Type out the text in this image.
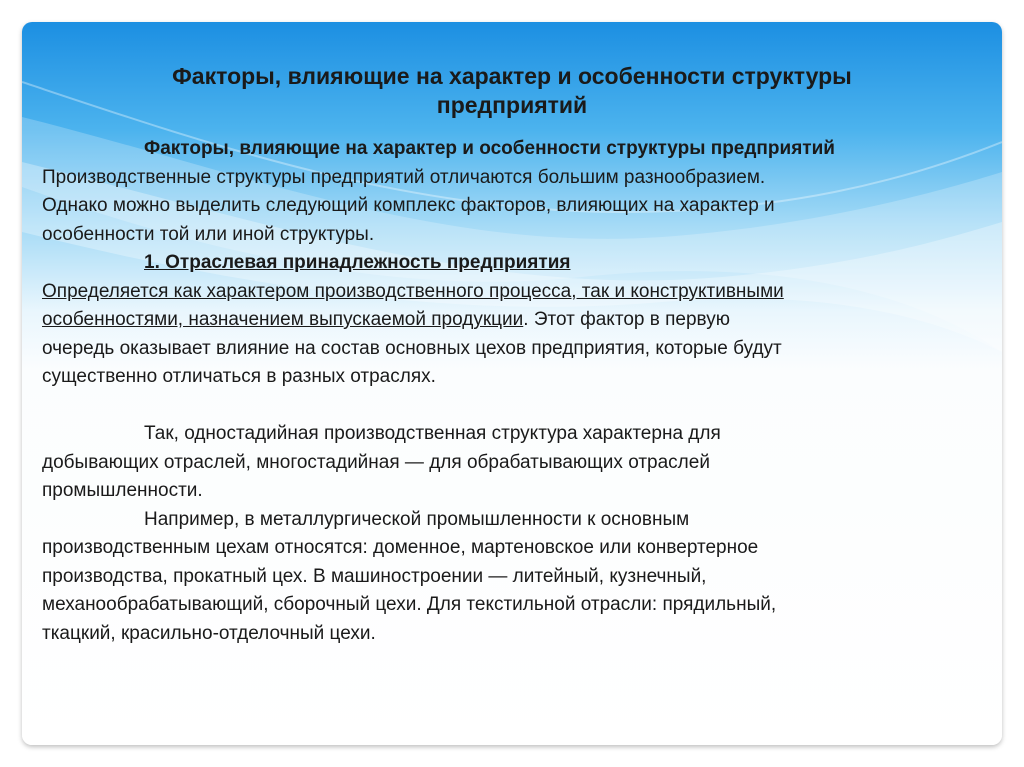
Факторы, влияющие на характер и особенности структуры
предприятий
Факторы, влияющие на характер и особенности структуры предприятий
Производственные структуры предприятий отличаются большим разнообразием.
Однако можно выделить следующий комплекс факторов, влияющих на характер и
особенности той или иной структуры.
1. Отраслевая принадлежность предприятия
Определяется как характером производственного процесса, так и конструктивными
особенностями, назначением выпускаемой продукции. Этот фактор в первую
очередь оказывает влияние на состав основных цехов предприятия, которые будут
существенно отличаться в разных отраслях.
Так, одностадийная производственная структура характерна для
добывающих отраслей, многостадийная — для обрабатывающих отраслей
промышленности.
Например, в металлургической промышленности к основным
производственным цехам относятся: доменное, мартеновское или конвертерное
производства, прокатный цех. В машиностроении — литейный, кузнечный,
механообрабатывающий, сборочный цехи. Для текстильной отрасли: прядильный,
ткацкий, красильно-отделочный цехи.
